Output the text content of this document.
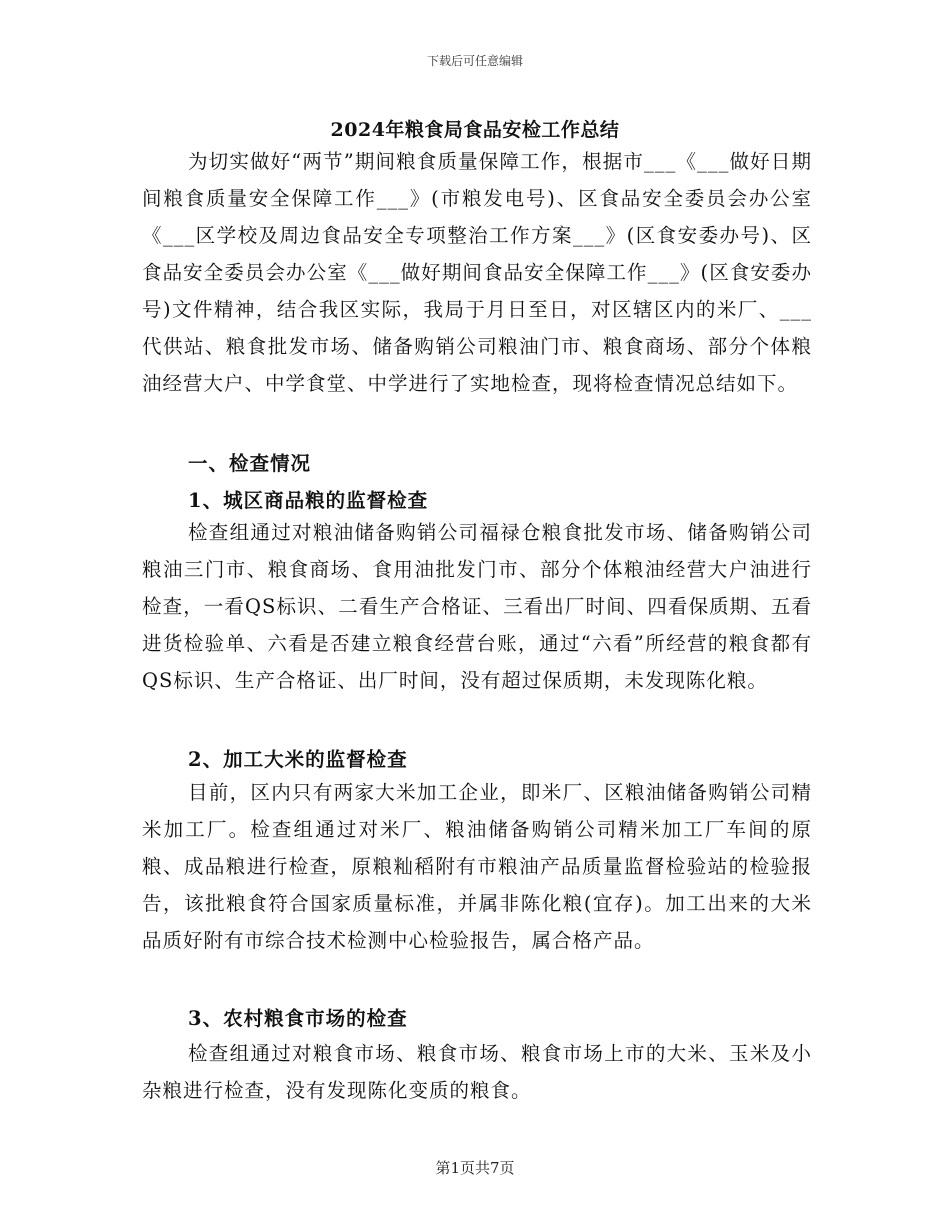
下载后可任意编辑
2024年粮食局食品安检工作总结

为切实做好“两节”期间粮食质量保障工作，根据市___《___做好日期间粮食质量安全保障工作___》(市粮发电号)、区食品安全委员会办公室《___区学校及周边食品安全专项整治工作方案___》(区食安委办号)、区食品安全委员会办公室《___做好期间食品安全保障工作___》(区食安委办号)文件精神，结合我区实际，我局于月日至日，对区辖区内的米厂、___代供站、粮食批发市场、储备购销公司粮油门市、粮食商场、部分个体粮油经营大户、中学食堂、中学进行了实地检查，现将检查情况总结如下。

一、检查情况
1、城区商品粮的监督检查

检查组通过对粮油储备购销公司福禄仓粮食批发市场、储备购销公司粮油三门市、粮食商场、食用油批发门市、部分个体粮油经营大户油进行检查，一看QS标识、二看生产合格证、三看出厂时间、四看保质期、五看进货检验单、六看是否建立粮食经营台账，通过“六看”所经营的粮食都有QS标识、生产合格证、出厂时间，没有超过保质期，未发现陈化粮。

2、加工大米的监督检查

目前，区内只有两家大米加工企业，即米厂、区粮油储备购销公司精米加工厂。检查组通过对米厂、粮油储备购销公司精米加工厂车间的原粮、成品粮进行检查，原粮籼稻附有市粮油产品质量监督检验站的检验报告，该批粮食符合国家质量标准，并属非陈化粮(宜存)。加工出来的大米品质好附有市综合技术检测中心检验报告，属合格产品。

3、农村粮食市场的检查

检查组通过对粮食市场、粮食市场、粮食市场上市的大米、玉米及小杂粮进行检查，没有发现陈化变质的粮食。

第1页共7页
